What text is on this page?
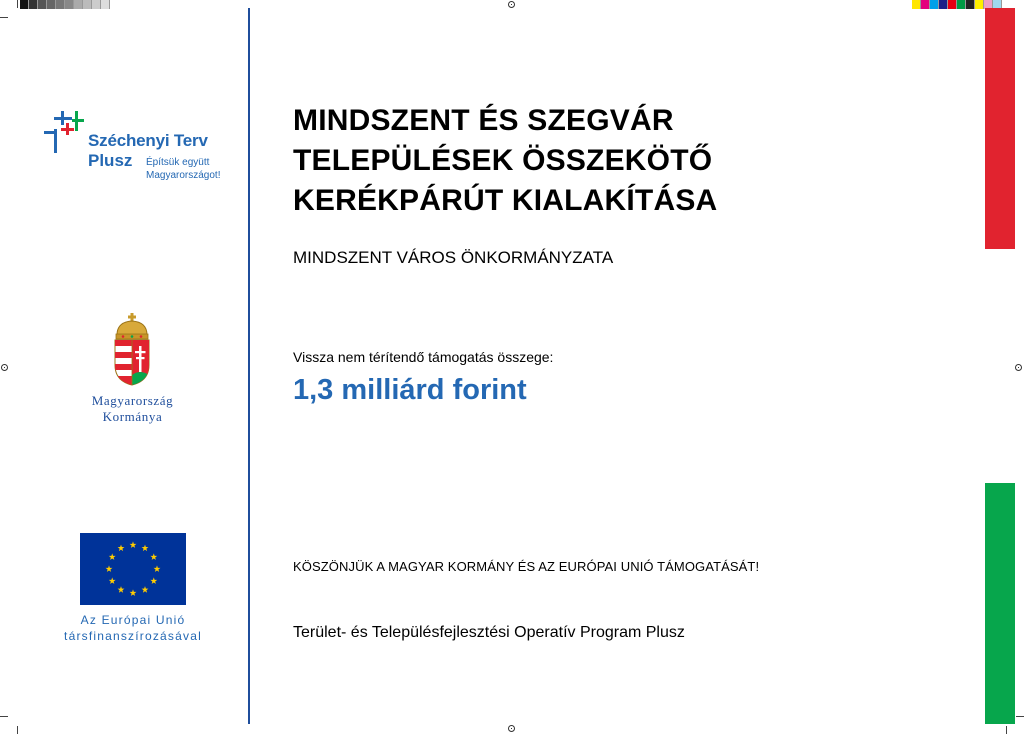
Széchenyi Terv
Plusz Építsük együtt
Magyarországot!
Magyarország
Kormánya
Az Európai Unió
társfinanszírozásával
MINDSZENT ÉS SZEGVÁR
TELEPÜLÉSEK ÖSSZEKÖTŐ
KERÉKPÁRÚT KIALAKÍTÁSA
MINDSZENT VÁROS ÖNKORMÁNYZATA
Vissza nem térítendő támogatás összege:
1,3 milliárd forint
KÖSZÖNJÜK A MAGYAR KORMÁNY ÉS AZ EURÓPAI UNIÓ TÁMOGATÁSÁT!
Terület- és Településfejlesztési Operatív Program Plusz
